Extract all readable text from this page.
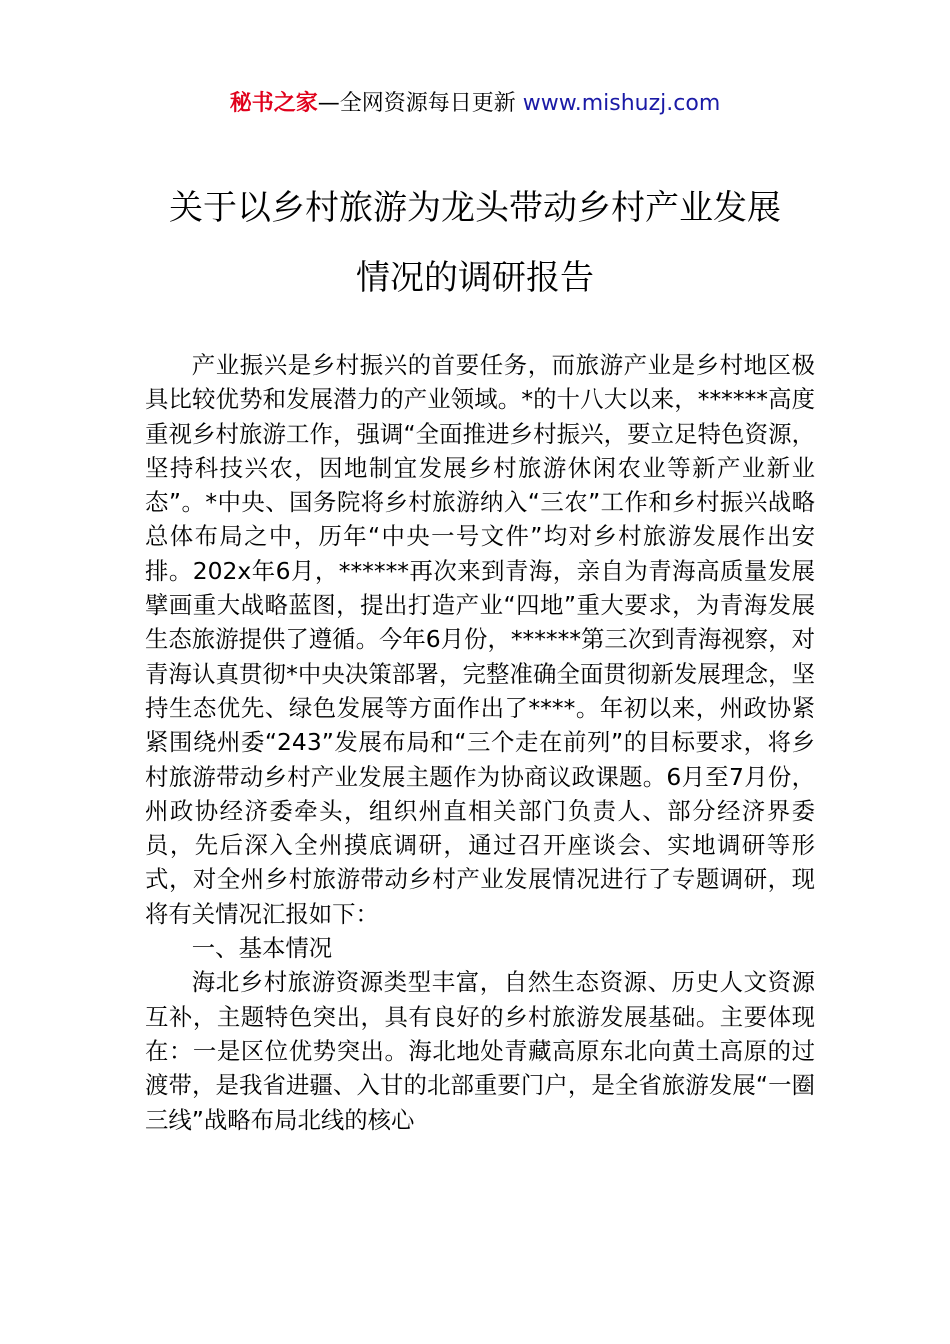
秘书之家—全网资源每日更新 www.mishuzj.com
关于以乡村旅游为龙头带动乡村产业发展
情况的调研报告

产业振兴是乡村振兴的首要任务，而旅游产业是乡村地区极具比较优势和发展潜力的产业领域。*的十八大以来，******高度重视乡村旅游工作，强调“全面推进乡村振兴，要立足特色资源，坚持科技兴农，因地制宜发展乡村旅游休闲农业等新产业新业态”。*中央、国务院将乡村旅游纳入“三农”工作和乡村振兴战略总体布局之中，历年“中央一号文件”均对乡村旅游发展作出安排。202x年6月，******再次来到青海，亲自为青海高质量发展擘画重大战略蓝图，提出打造产业“四地”重大要求，为青海发展生态旅游提供了遵循。今年6月份，******第三次到青海视察，对青海认真贯彻*中央决策部署，完整准确全面贯彻新发展理念，坚持生态优先、绿色发展等方面作出了****。年初以来，州政协紧紧围绕州委“243”发展布局和“三个走在前列”的目标要求，将乡村旅游带动乡村产业发展主题作为协商议政课题。6月至7月份，州政协经济委牵头，组织州直相关部门负责人、部分经济界委员，先后深入全州摸底调研，通过召开座谈会、实地调研等形式，对全州乡村旅游带动乡村产业发展情况进行了专题调研，现将有关情况汇报如下：

一、基本情况

海北乡村旅游资源类型丰富，自然生态资源、历史人文资源互补，主题特色突出，具有良好的乡村旅游发展基础。主要体现在：一是区位优势突出。海北地处青藏高原东北向黄土高原的过渡带，是我省进疆、入甘的北部重要门户，是全省旅游发展“一圈三线”战略布局北线的核心
